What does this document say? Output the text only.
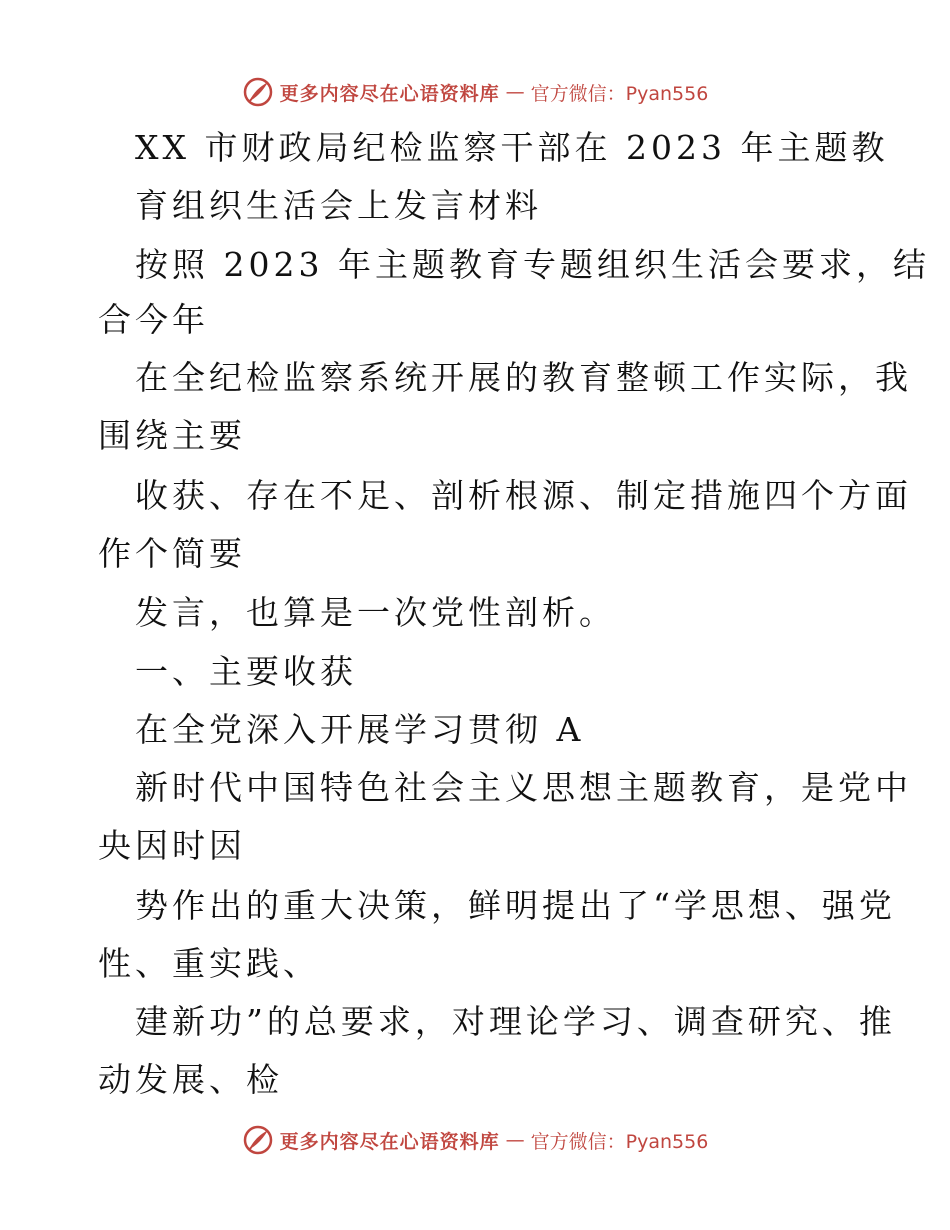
更多内容尽在心语资料库 — 官方微信：Pyan556
XX 市财政局纪检监察干部在 2023 年主题教
育组织生活会上发言材料
按照 2023 年主题教育专题组织生活会要求，结
合今年
在全纪检监察系统开展的教育整顿工作实际，我
围绕主要
收获、存在不足、剖析根源、制定措施四个方面
作个简要
发言，也算是一次党性剖析。
一、主要收获
在全党深入开展学习贯彻 A
新时代中国特色社会主义思想主题教育，是党中
央因时因
势作出的重大决策，鲜明提出了“学思想、强党
性、重实践、
建新功”的总要求，对理论学习、调查研究、推
动发展、检
更多内容尽在心语资料库 — 官方微信：Pyan556
